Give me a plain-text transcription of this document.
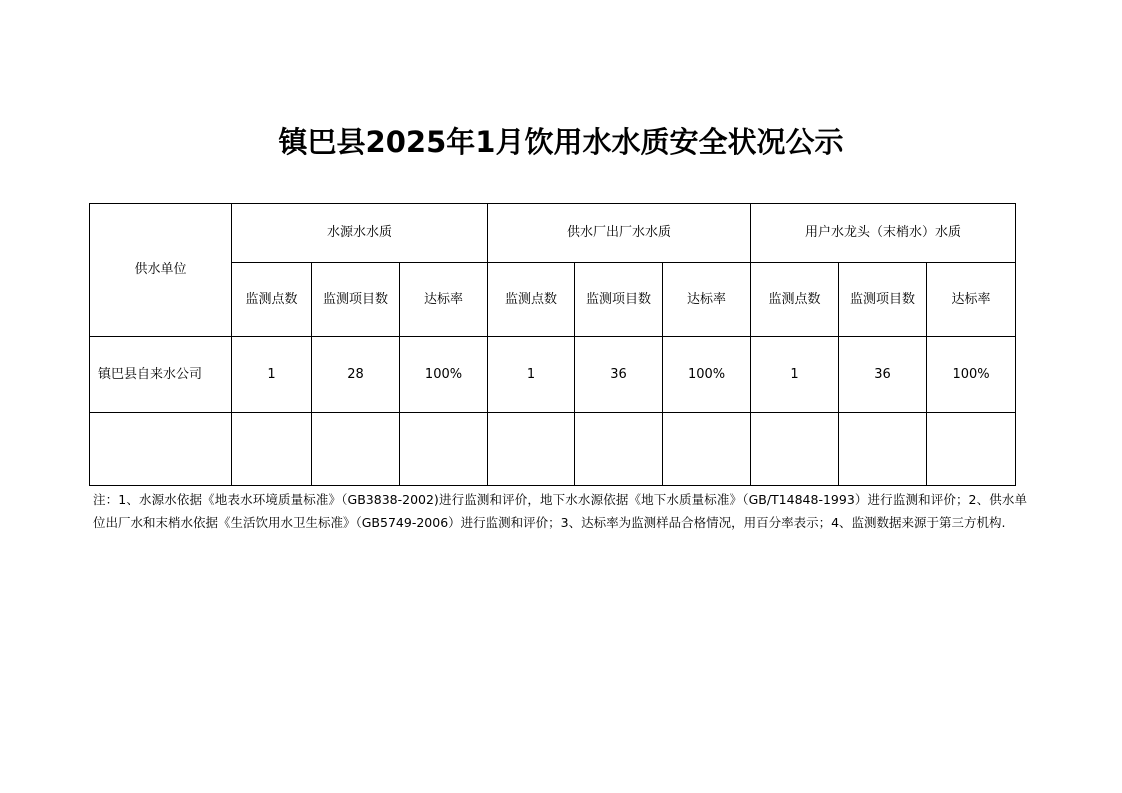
镇巴县2025年1月饮用水水质安全状况公示
供水单位	水源水水质			供水厂出厂水水质			用户水龙头（末梢水）水质		
	监测点数	监测项目数	达标率	监测点数	监测项目数	达标率	监测点数	监测项目数	达标率
镇巴县自来水公司	1	28	100%	1	36	100%	1	36	100%

注：1、水源水依据《地表水环境质量标准》（GB3838-2002)进行监测和评价，地下水水源依据《地下水质量标准》（GB/T14848-1993）进行监测和评价；2、供水单位出厂水和末梢水依据《生活饮用水卫生标准》（GB5749-2006）进行监测和评价；3、达标率为监测样品合格情况，用百分率表示；4、监测数据来源于第三方机构.
